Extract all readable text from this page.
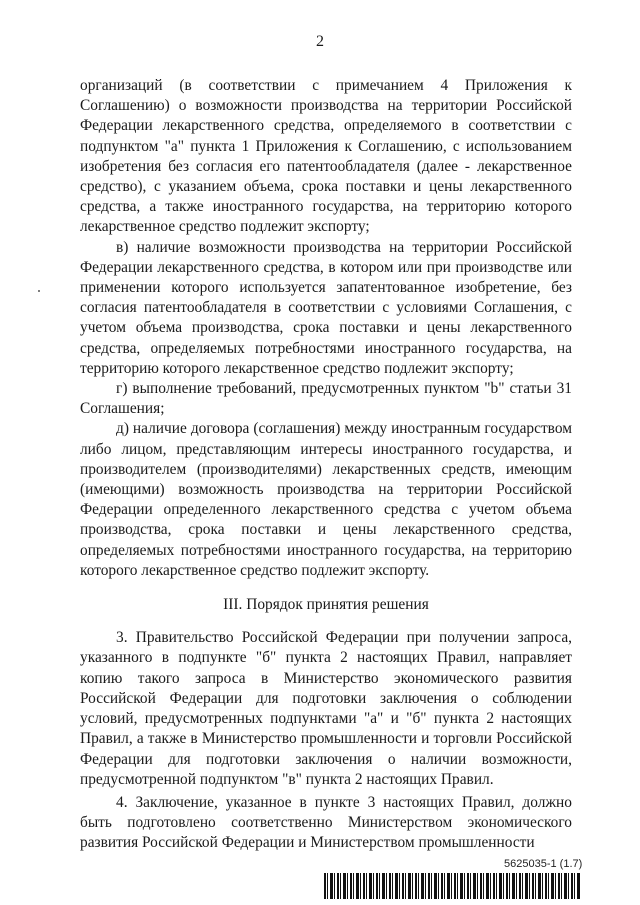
2

организаций (в соответствии с примечанием 4 Приложения к Соглашению) о возможности производства на территории Российской Федерации лекарственного средства, определяемого в соответствии с подпунктом "а" пункта 1 Приложения к Соглашению, с использованием изобретения без согласия его патентообладателя (далее - лекарственное средство), с указанием объема, срока поставки и цены лекарственного средства, а также иностранного государства, на территорию которого лекарственное средство подлежит экспорту;

в) наличие возможности производства на территории Российской Федерации лекарственного средства, в котором или при производстве или применении которого используется запатентованное изобретение, без согласия патентообладателя в соответствии с условиями Соглашения, с учетом объема производства, срока поставки и цены лекарственного средства, определяемых потребностями иностранного государства, на территорию которого лекарственное средство подлежит экспорту;

г) выполнение требований, предусмотренных пунктом "b" статьи 31 Соглашения;

д) наличие договора (соглашения) между иностранным государством либо лицом, представляющим интересы иностранного государства, и производителем (производителями) лекарственных средств, имеющим (имеющими) возможность производства на территории Российской Федерации определенного лекарственного средства с учетом объема производства, срока поставки и цены лекарственного средства, определяемых потребностями иностранного государства, на территорию которого лекарственное средство подлежит экспорту.

III. Порядок принятия решения

3. Правительство Российской Федерации при получении запроса, указанного в подпункте "б" пункта 2 настоящих Правил, направляет копию такого запроса в Министерство экономического развития Российской Федерации для подготовки заключения о соблюдении условий, предусмотренных подпунктами "а" и "б" пункта 2 настоящих Правил, а также в Министерство промышленности и торговли Российской Федерации для подготовки заключения о наличии возможности, предусмотренной подпунктом "в" пункта 2 настоящих Правил.

4. Заключение, указанное в пункте 3 настоящих Правил, должно быть подготовлено соответственно Министерством экономического развития Российской Федерации и Министерством промышленности

5625035-1 (1.7)
